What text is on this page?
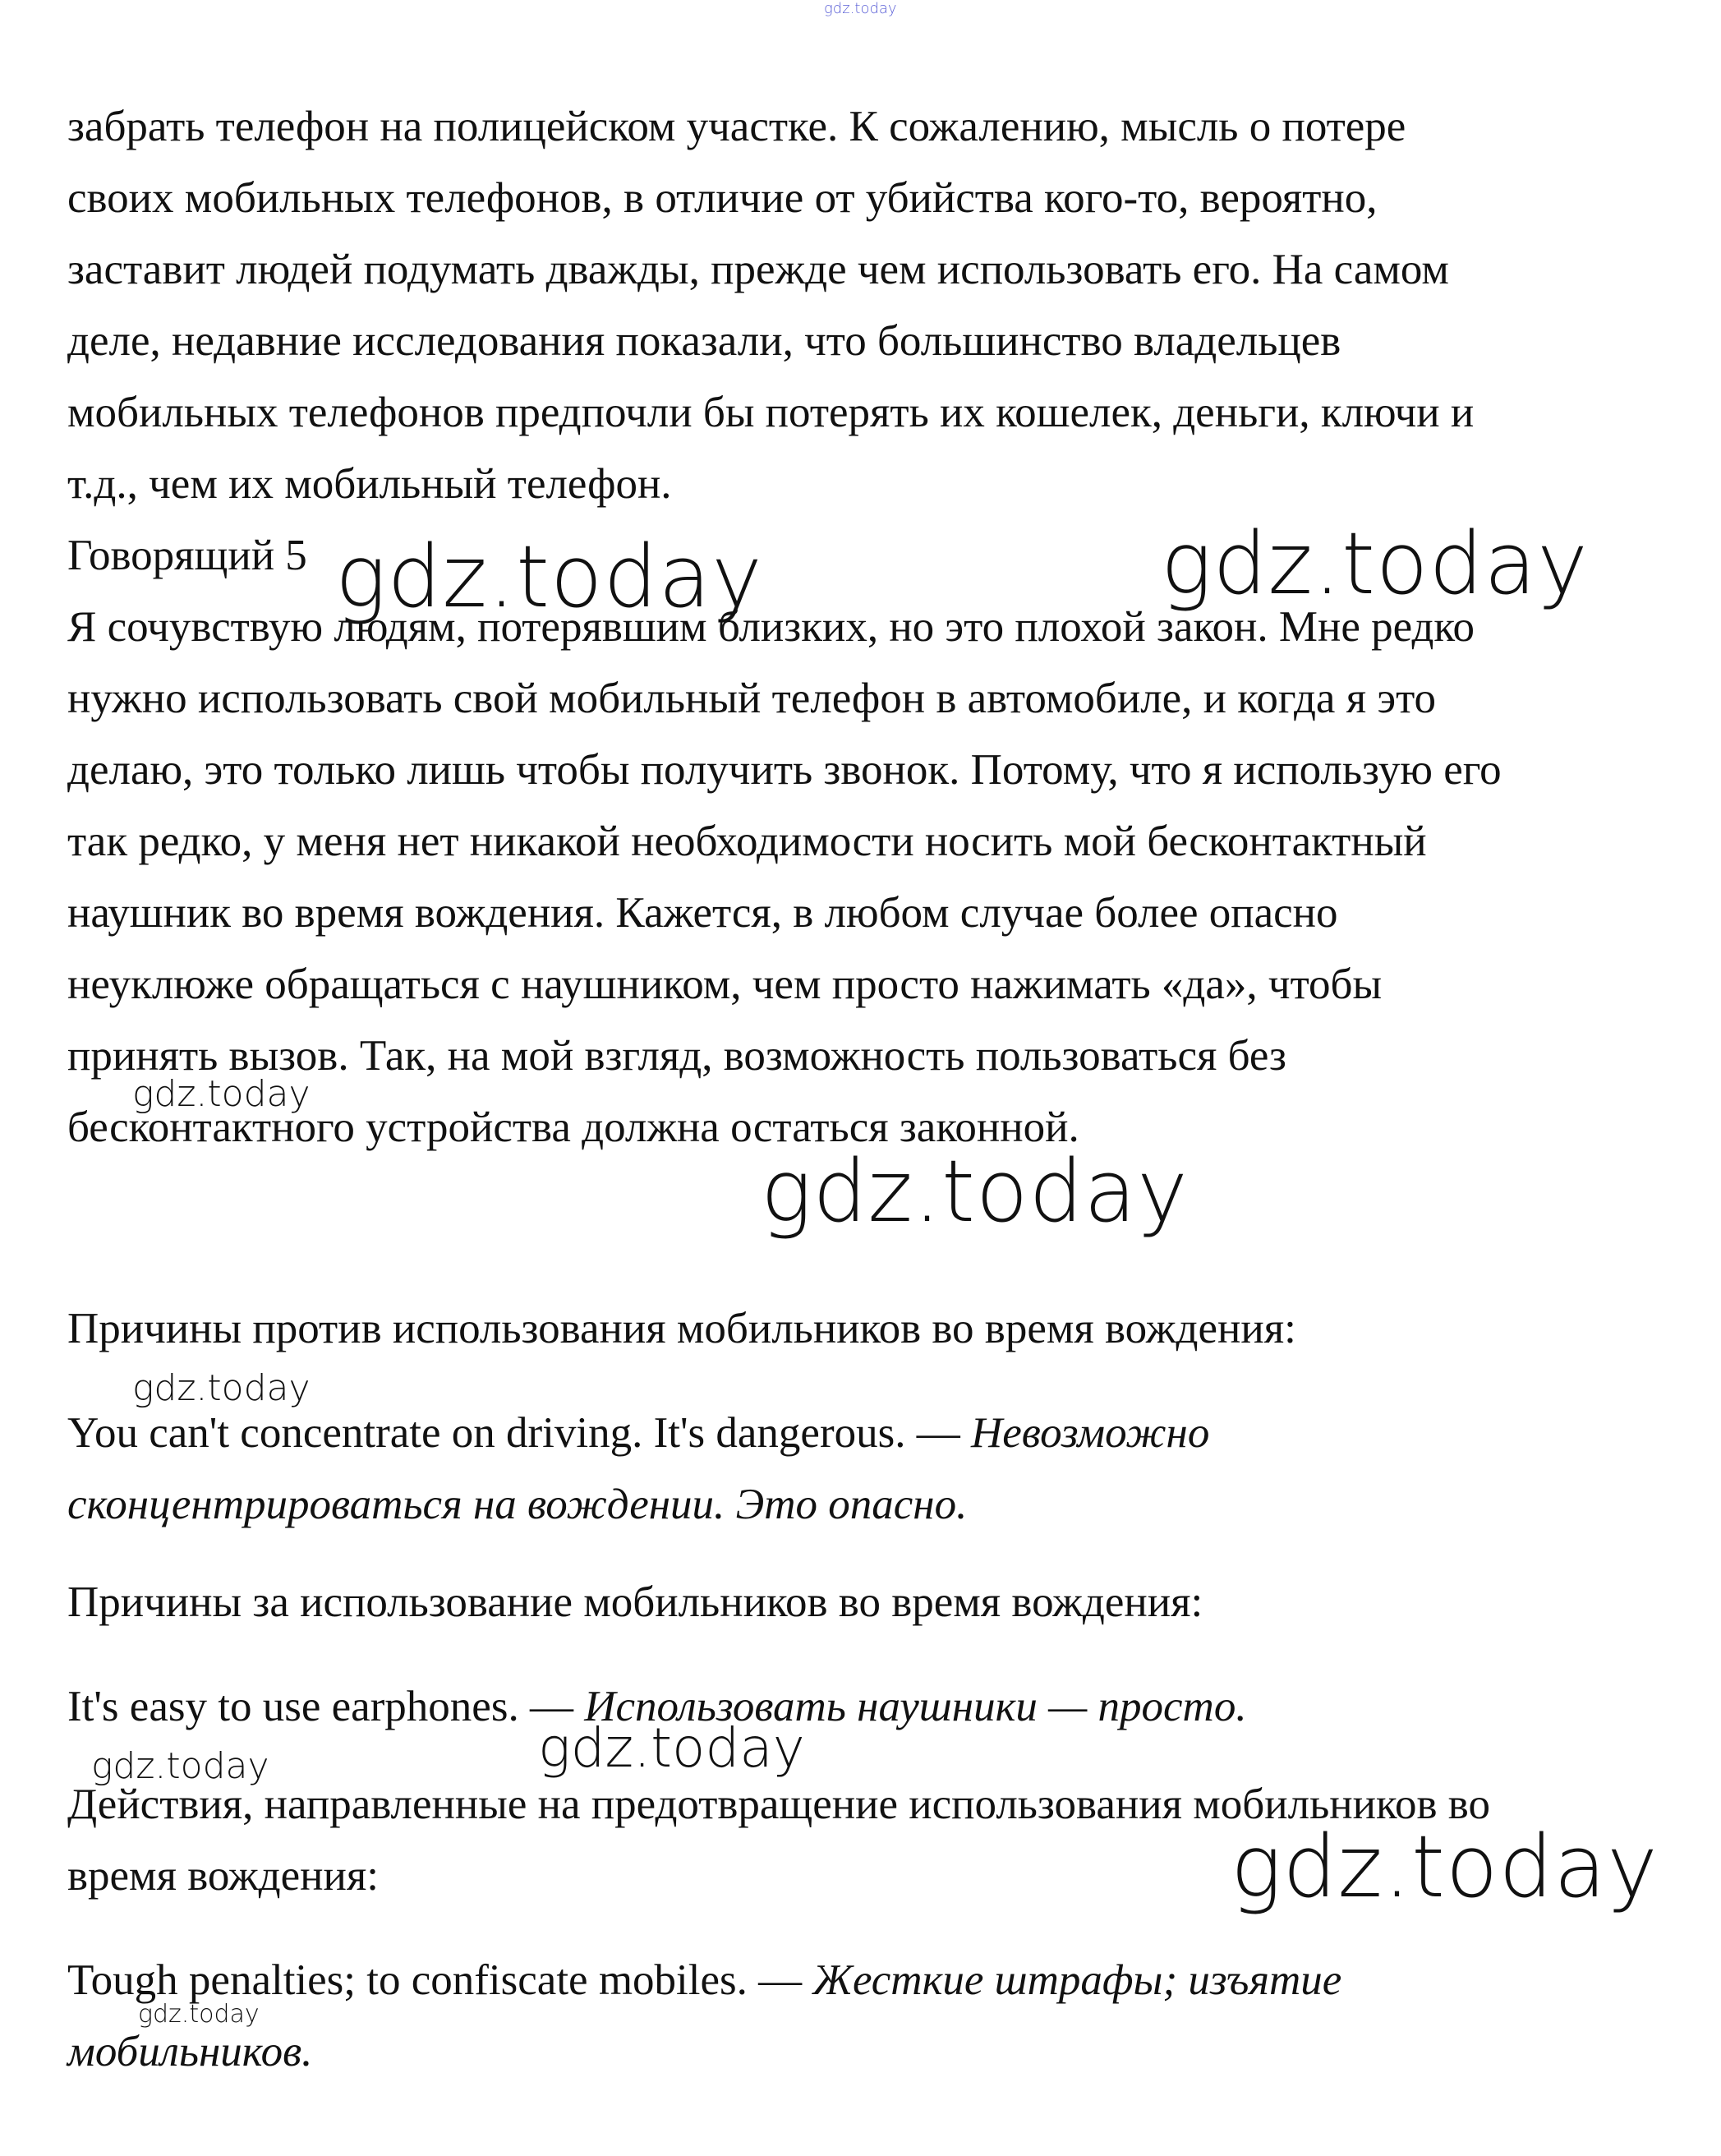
gdz.today

забрать телефон на полицейском участке. К сожалению, мысль о потере

своих мобильных телефонов, в отличие от убийства кого-то, вероятно,

заставит людей подумать дважды, прежде чем использовать его. На самом

деле, недавние исследования показали, что большинство владельцев

мобильных телефонов предпочли бы потерять их кошелек, деньги, ключи и

т.д., чем их мобильный телефон.

Говорящий 5

Я сочувствую людям, потерявшим близких, но это плохой закон. Мне редко

нужно использовать свой мобильный телефон в автомобиле, и когда я это

делаю, это только лишь чтобы получить звонок. Потому, что я использую его

так редко, у меня нет никакой необходимости носить мой бесконтактный

наушник во время вождения. Кажется, в любом случае более опасно

неуклюже обращаться с наушником, чем просто нажимать «да», чтобы

принять вызов. Так, на мой взгляд, возможность пользоваться без

бесконтактного устройства должна остаться законной.

Причины против использования мобильников во время вождения:

You can't concentrate on driving. It's dangerous. — Невозможно

сконцентрироваться на вождении. Это опасно.

Причины за использование мобильников во время вождения:

It's easy to use earphones. — Использовать наушники — просто.

Действия, направленные на предотвращение использования мобильников во

время вождения:

Tough penalties; to confiscate mobiles. — Жесткие штрафы; изъятие

мобильников.

gdz.today	gdz.today
gdz.today
gdz.today
gdz.today
gdz.today	gdz.today
gdz.today
gdz.today
